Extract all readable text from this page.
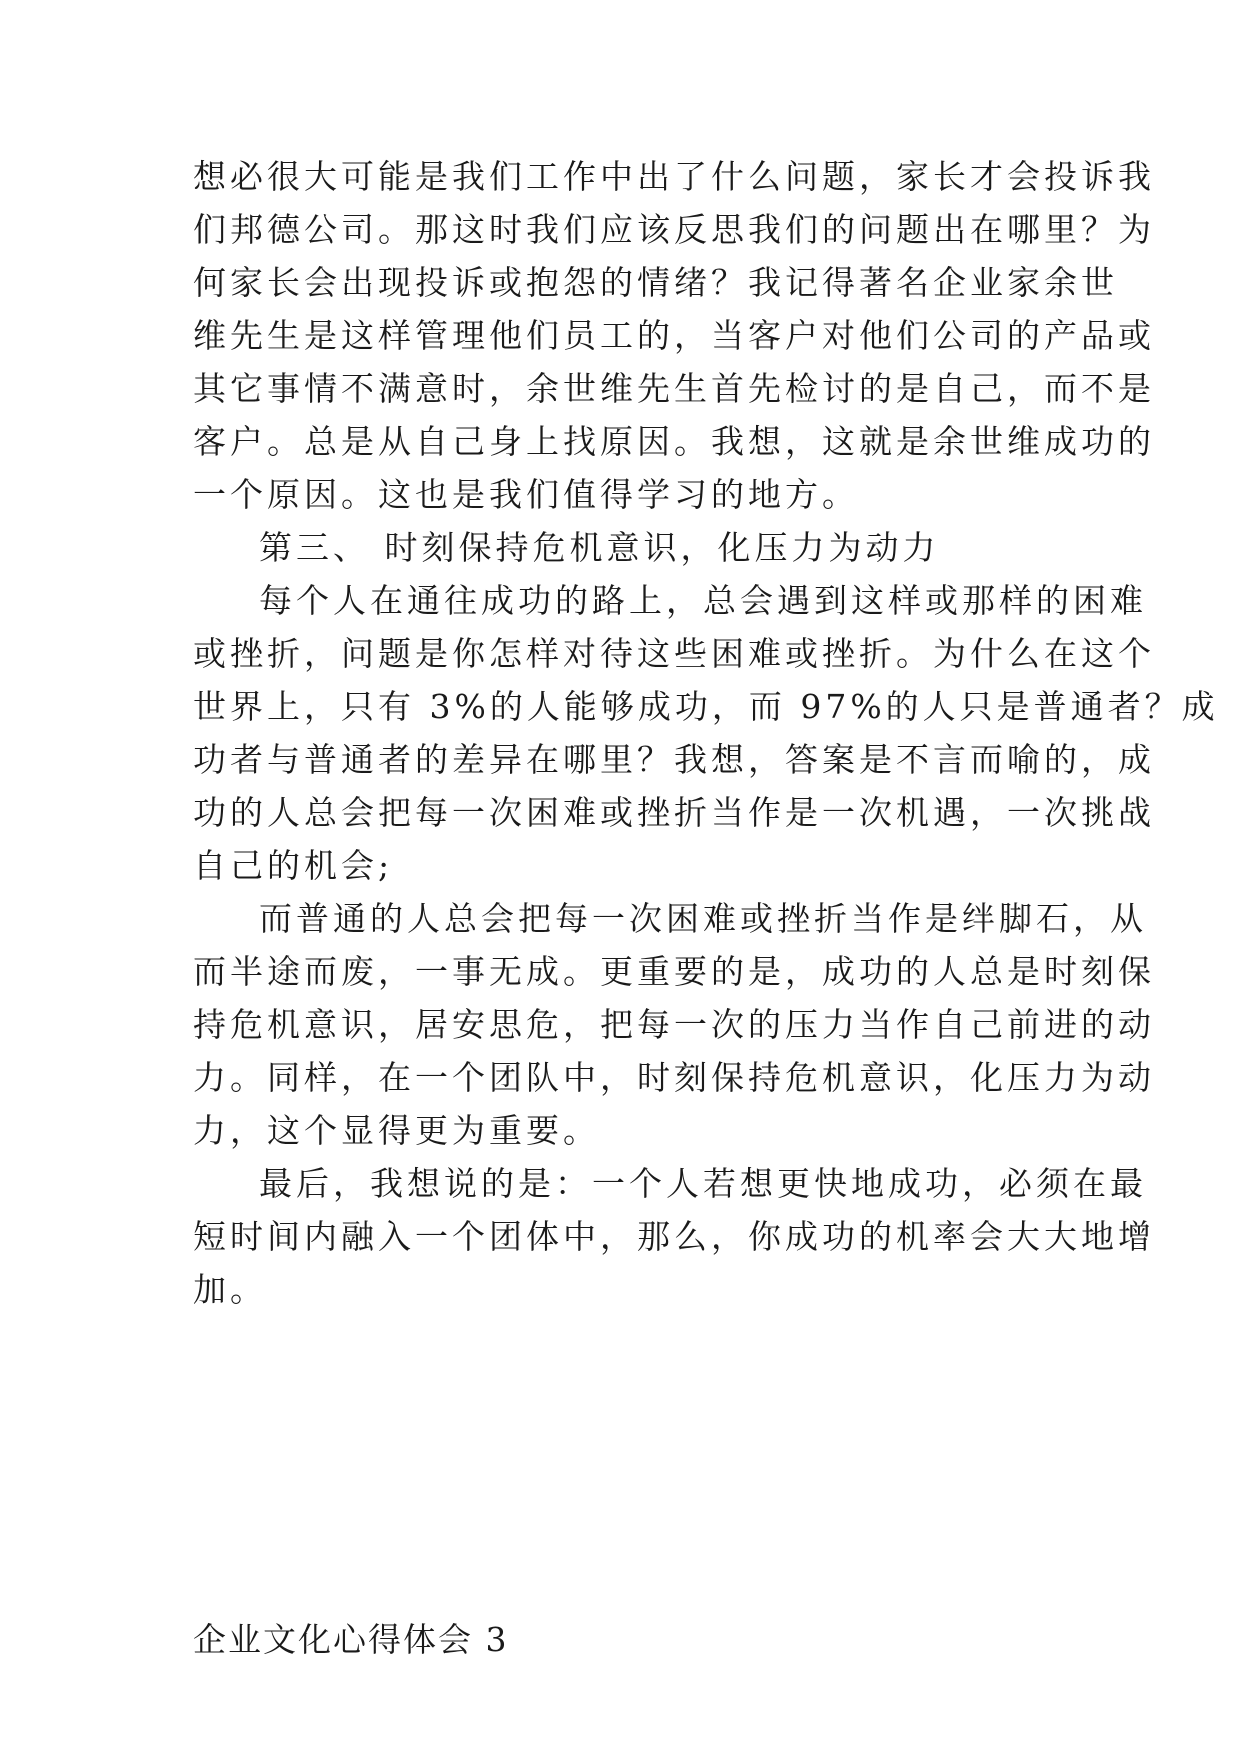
想必很大可能是我们工作中出了什么问题，家长才会投诉我
们邦德公司。那这时我们应该反思我们的问题出在哪里？为
何家长会出现投诉或抱怨的情绪？我记得著名企业家余世
维先生是这样管理他们员工的，当客户对他们公司的产品或
其它事情不满意时，余世维先生首先检讨的是自己，而不是
客户。总是从自己身上找原因。我想，这就是余世维成功的
一个原因。这也是我们值得学习的地方。
第三、 时刻保持危机意识，化压力为动力
每个人在通往成功的路上，总会遇到这样或那样的困难
或挫折，问题是你怎样对待这些困难或挫折。为什么在这个
世界上，只有 3%的人能够成功，而 97%的人只是普通者？成
功者与普通者的差异在哪里？我想，答案是不言而喻的，成
功的人总会把每一次困难或挫折当作是一次机遇，一次挑战
自己的机会;
而普通的人总会把每一次困难或挫折当作是绊脚石，从
而半途而废，一事无成。更重要的是，成功的人总是时刻保
持危机意识，居安思危，把每一次的压力当作自己前进的动
力。同样，在一个团队中，时刻保持危机意识，化压力为动
力，这个显得更为重要。
最后，我想说的是：一个人若想更快地成功，必须在最
短时间内融入一个团体中，那么，你成功的机率会大大地增
加。
企业文化心得体会 3
